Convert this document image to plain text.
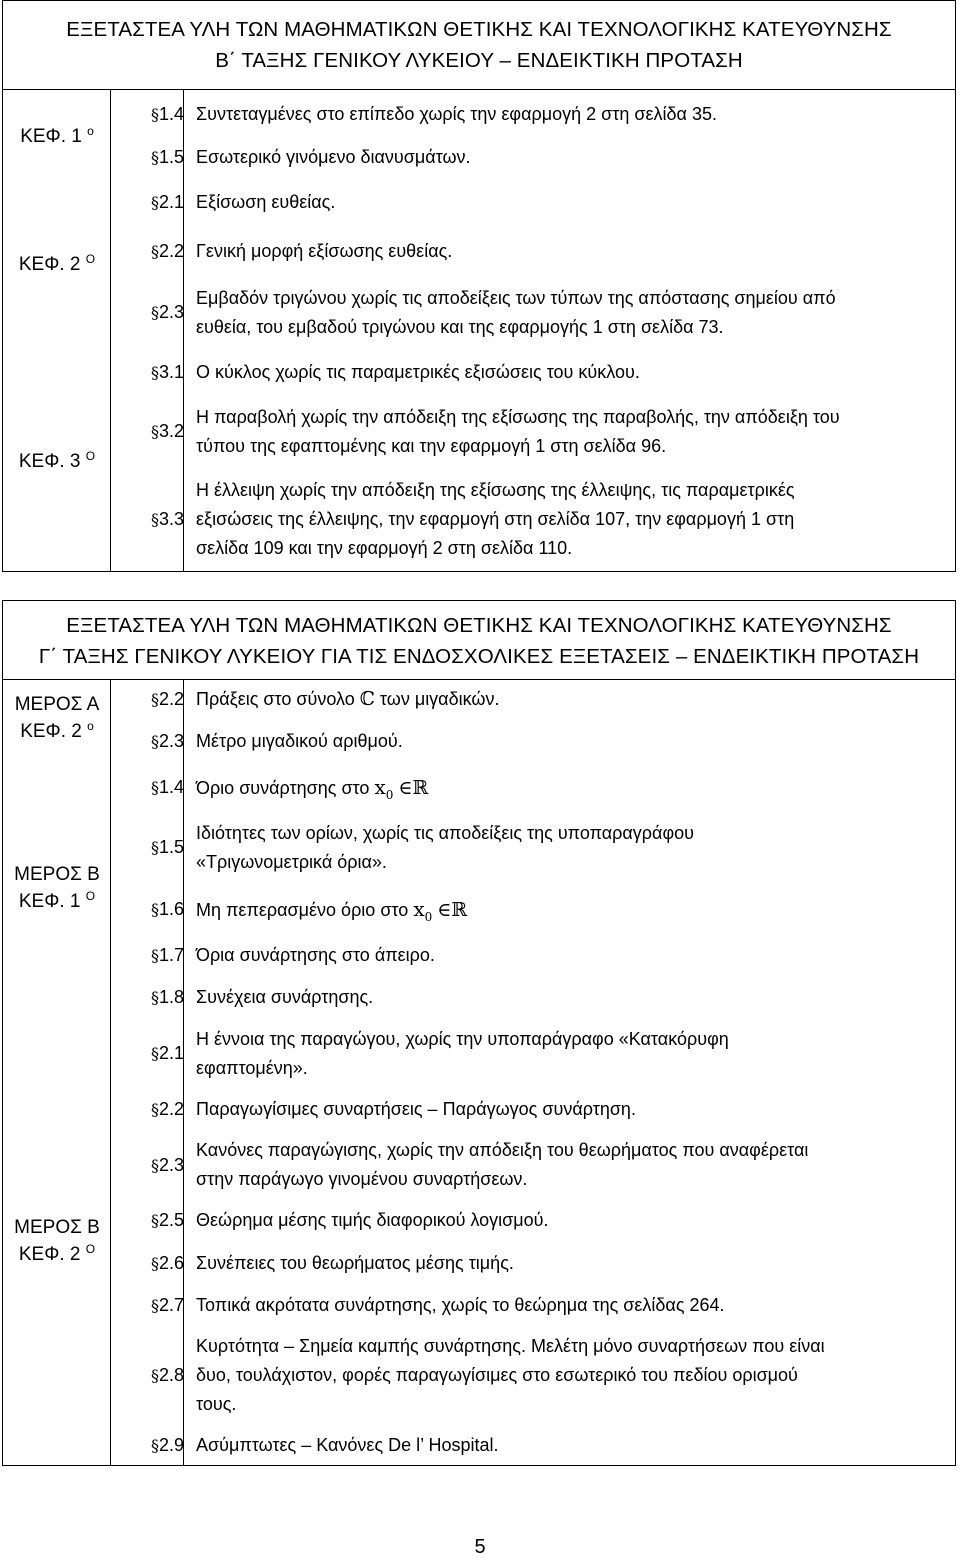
ΕΞΕΤΑΣΤΕΑ ΥΛΗ ΤΩΝ ΜΑΘΗΜΑΤΙΚΩΝ ΘΕΤΙΚΗΣ ΚΑΙ ΤΕΧΝΟΛΟΓΙΚΗΣ ΚΑΤΕΥΘΥΝΣΗΣ
Β΄ ΤΑΞΗΣ ΓΕΝΙΚΟΥ ΛΥΚΕΙΟΥ – ΕΝΔΕΙΚΤΙΚΗ ΠΡΟΤΑΣΗ
ΚΕΦ. 1 $^o$
ΚΕΦ. 2 $^O$
ΚΕΦ. 3 $^O$
§1.4 Συντεταγμένες στο επίπεδο χωρίς την εφαρμογή 2 στη σελίδα 35.
§1.5 Εσωτερικό γινόμενο διανυσμάτων.
§2.1 Εξίσωση ευθείας.
§2.2 Γενική μορφή εξίσωσης ευθείας.
§2.3
Εμβαδόν τριγώνου χωρίς τις αποδείξεις των τύπων της απόστασης σημείου από
ευθεία, του εμβαδού τριγώνου και της εφαρμογής 1 στη σελίδα 73.
§3.1 Ο κύκλος χωρίς τις παραμετρικές εξισώσεις του κύκλου.
§3.2
Η παραβολή χωρίς την απόδειξη της εξίσωσης της παραβολής, την απόδειξη του
τύπου της εφαπτομένης και την εφαρμογή 1 στη σελίδα 96.
§3.3
Η έλλειψη χωρίς την απόδειξη της εξίσωσης της έλλειψης, τις παραμετρικές
εξισώσεις της έλλειψης, την εφαρμογή στη σελίδα 107, την εφαρμογή 1 στη
σελίδα 109 και την εφαρμογή 2 στη σελίδα 110.
ΕΞΕΤΑΣΤΕΑ ΥΛΗ ΤΩΝ ΜΑΘΗΜΑΤΙΚΩΝ ΘΕΤΙΚΗΣ ΚΑΙ ΤΕΧΝΟΛΟΓΙΚΗΣ ΚΑΤΕΥΘΥΝΣΗΣ
Γ΄ ΤΑΞΗΣ ΓΕΝΙΚΟΥ ΛΥΚΕΙΟΥ ΓΙΑ ΤΙΣ ΕΝΔΟΣΧΟΛΙΚΕΣ ΕΞΕΤΑΣΕΙΣ – ΕΝΔΕΙΚΤΙΚΗ ΠΡΟΤΑΣΗ
ΜΕΡΟΣ Α
ΚΕΦ. 2 $^o$
ΜΕΡΟΣ Β
ΚΕΦ. 1 $^O$
ΜΕΡΟΣ Β
ΚΕΦ. 2 $^O$
§2.2 Πράξεις στο σύνολο ℂ των μιγαδικών.
§2.3 Μέτρο μιγαδικού αριθμού.
§1.4 Όριο συνάρτησης στο $x_0$ ∈ℝ
§1.5
Ιδιότητες των ορίων, χωρίς τις αποδείξεις της υποπαραγράφου
«Τριγωνομετρικά όρια».
§1.6 Μη πεπερασμένο όριο στο $x_0$ ∈ℝ
§1.7 Όρια συνάρτησης στο άπειρο.
§1.8 Συνέχεια συνάρτησης.
§2.1
Η έννοια της παραγώγου, χωρίς την υποπαράγραφο «Κατακόρυφη
εφαπτομένη».
§2.2 Παραγωγίσιμες συναρτήσεις – Παράγωγος συνάρτηση.
§2.3
Κανόνες παραγώγισης, χωρίς την απόδειξη του θεωρήματος που αναφέρεται
στην παράγωγο γινομένου συναρτήσεων.
§2.5 Θεώρημα μέσης τιμής διαφορικού λογισμού.
§2.6 Συνέπειες του θεωρήματος μέσης τιμής.
§2.7 Τοπικά ακρότατα συνάρτησης, χωρίς το θεώρημα της σελίδας 264.
§2.8
Κυρτότητα – Σημεία καμπής συνάρτησης. Μελέτη μόνο συναρτήσεων που είναι
δυο, τουλάχιστον, φορές παραγωγίσιμες στο εσωτερικό του πεδίου ορισμού
τους.
§2.9 Ασύμπτωτες – Κανόνες De l’ Hospital.
5
